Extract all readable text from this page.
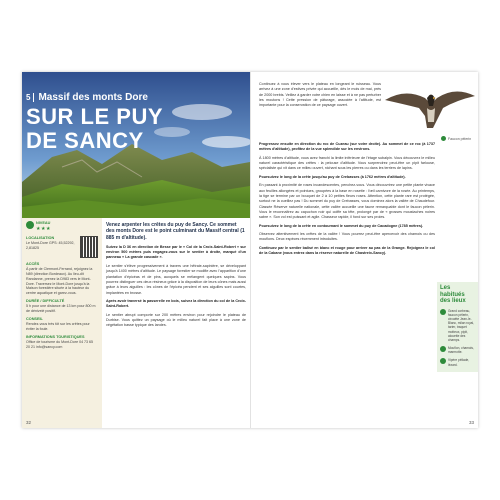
5 Massif des monts Dore
SUR LE PUY
DE SANCY
NIVEAU
★★★
LOCALISATION
Le Mont-Dore GPS: 45,52292, 2,81825
ACCÈS
À partir de Clermont-Ferrand, rejoignez la N89 (direction Bordeaux). Au lieu-dit Randanne, prenez la D983 vers le Mont-Dore. Traversez le Mont-Dore jusqu'à la Maison forestière située à la hauteur du centre aquatique et garez-vous.
DURÉE / DIFFICULTÉ
5 h pour une distance de 13 km pour 800 m de dénivelé positif.
CONSEIL
Rendez-vous très tôt sur les crêtes pour éviter la foule.
INFORMATIONS TOURISTIQUES
Office de tourisme du Mont-Dore 04 73 65 20 21 info@sancy.com
Venez arpenter les crêtes du puy de Sancy. Ce sommet des monts Dore est le point culminant du Massif central (1 885 m d'altitude).

Suivez la D 36 en direction de Besse par le « Col de la Croix-Saint-Robert » sur environ 500 mètres puis engagez-vous sur le sentier à droite, marqué d'un panneau « La grande cascade ».

Le sentier s'élève progressivement à travers une hêtraie-sapinière, se développant jusqu'à 1400 mètres d'altitude. Le paysage forestier se modifie avec l'apparition d'une plantation d'épicéas et de pins, auxquels se mélangent quelques sapins. Vous pourrez distinguer ces deux résineux grâce à la disposition de leurs cônes mais aussi grâce à leurs aiguilles : les cônes de l'épicéa pendent et ses aiguilles sont courtes, implantées en brosse.

Après avoir traversé la passerelle en bois, suivez la direction du col de la Croix-Saint-Robert.

Le sentier abrupt comporte sur 200 mètres environ pour rejoindre le plateau de Durbise. Vous quittez un paysage où le milieu naturel fait place à une zone de végétation basse typique des landes.

32

Continuez à vous élever vers le plateau en longeant le ruisseau. Vous arrivez à une zone d'estives privée qui accueille, dès le mois de mai, près de 2000 brebis. Veillez à garder votre chien en laisse et à ne pas perturber les moutons ! Cette pression de pâturage, associée à l'altitude, est importante pour la conservation de ce paysage ouvert.

Faucon pèlerin

Progressez ensuite en direction du roc de Cuzeau (sur votre droite). Au sommet de ce roc (à 1737 mètres d'altitude), profitez de la vue splendide sur les environs.

À 1800 mètres d'altitude, vous avez franchi la limite inférieure de l'étage subalpin. Vous découvrez le milieu naturel caractéristique des crêtes : la pelouse d'altitude. Vous surprendrez peut-être un pipit farlouse, spécialiste qui vit dans ce milieu ouvert, nichant sous les pierres ou dans les terriers de lapins.

Poursuivez le long de la crête jusqu'au puy de Crebasses (à 1762 mètres d'altitude).

En passant à proximité de roses incandescentes, penchez-vous. Vous découvrirez une petite plante vivace aux feuilles allongées et pointues, groupées à la base en rosette : l'œil carnivore de la rosée. Au printemps, la tige se termine par un bouquet de 2 à 10 petites fleurs roses. Attention, cette plante rare est protégée, surtout ne la cueillez pas ! Du sommet du puy de Crebasses, vous dominez alors la vallée de Chaudefour. Classée Réserve naturelle nationale, cette vallée accueille une faune remarquable dont le faucon pèlerin. Vous le reconnaîtrez au capuchon noir qui coiffe sa tête, prolongé par de « grosses moustaches noires sabre ». Son vol est puissant et agile. Chasseur rapide, il fond sur ses proies.

Poursuivez le long de la crête en contournant le sommet du puy de Cacadogne (1785 mètres).

Observez attentivement les crêtes de la vallée ! Vous pourrez peut-être apercevoir des chamois ou des mouflons. Deux espèces récemment introduites.

Continuez par le sentier balisé en blanc et rouge pour arriver au pas de la Grange. Rejoignez le col de la Cabane (vous entrez dans la réserve naturelle de Chastreix-Sancy).

Les habitués des lieux
Grand corbeau, faucon pèlerin, circaète Jean-le-Blanc, milan royal, tarier, traquet motteux, pipit, alouette des champs.
Mouflon, chamois, marmotte.
Vipère péliade, lézard.
33
